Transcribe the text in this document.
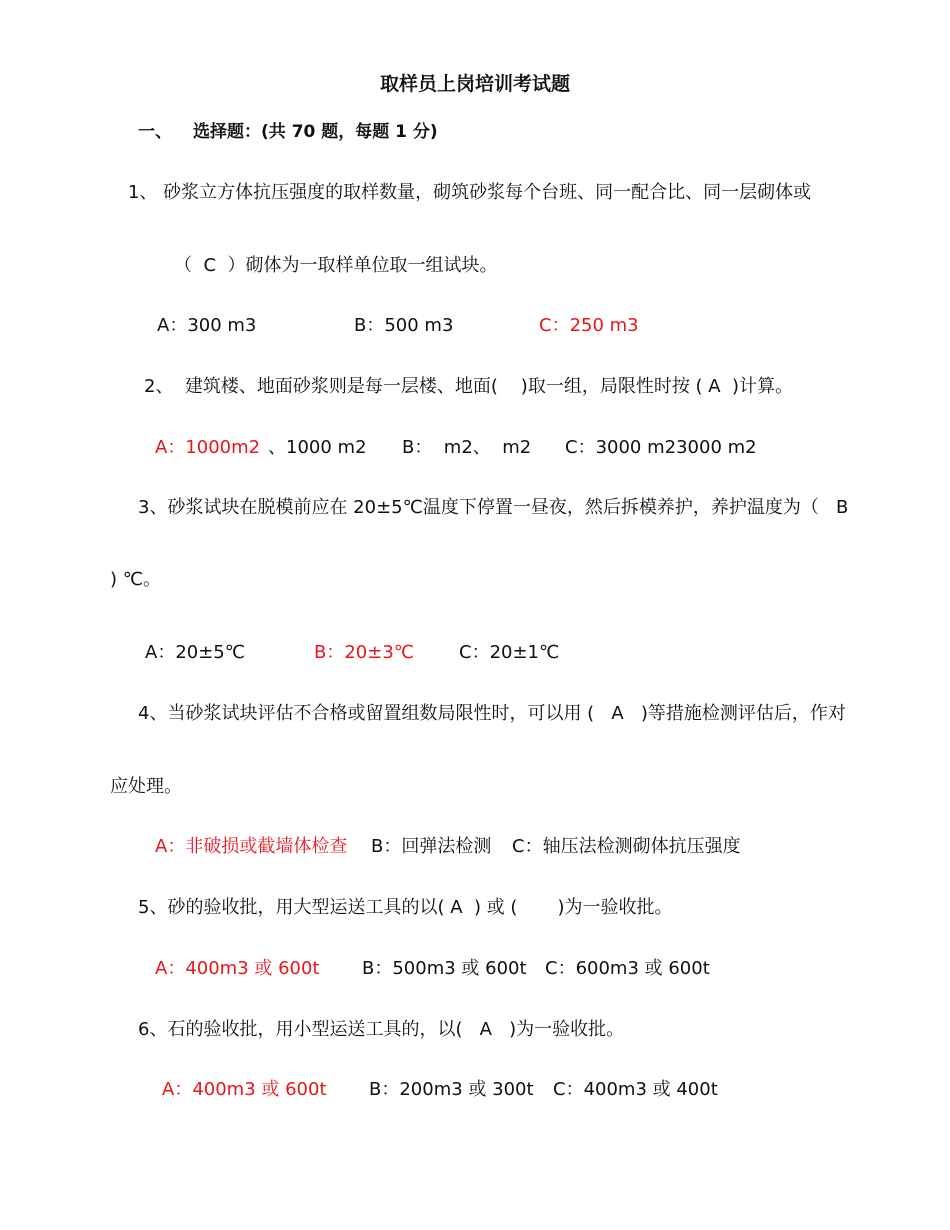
取样员上岗培训考试题
一、 选择题：(共 70 题，每题 1 分)
1、 砂浆立方体抗压强度的取样数量，砌筑砂浆每个台班、同一配合比、同一层砌体或
（  C  ）砌体为一取样单位取一组试块。
A：300 m3	B：500 m3	C：250 m3
2、  建筑楼、地面砂浆则是每一层楼、地面(    )取一组，局限性时按 ( A  )计算。
A：1000m2 、1000 m2 B：  m2、  m2 C：3000 m23000 m2
3、砂浆试块在脱模前应在 20±5℃温度下停置一昼夜，然后拆模养护，养护温度为（   B
) ℃。
A：20±5℃	B：20±3℃ C：20±1℃
4、当砂浆试块评估不合格或留置组数局限性时，可以用 (   A   )等措施检测评估后，作对
应处理。
A：非破损或截墙体检查 B：回弹法检测 C：轴压法检测砌体抗压强度
5、砂的验收批，用大型运送工具的以( A  ) 或 (       )为一验收批。
A：400m3 或 600t B：500m3 或 600t C：600m3 或 600t
6、石的验收批，用小型运送工具的，以(   A   )为一验收批。
A：400m3 或 600t B：200m3 或 300t C：400m3 或 400t
